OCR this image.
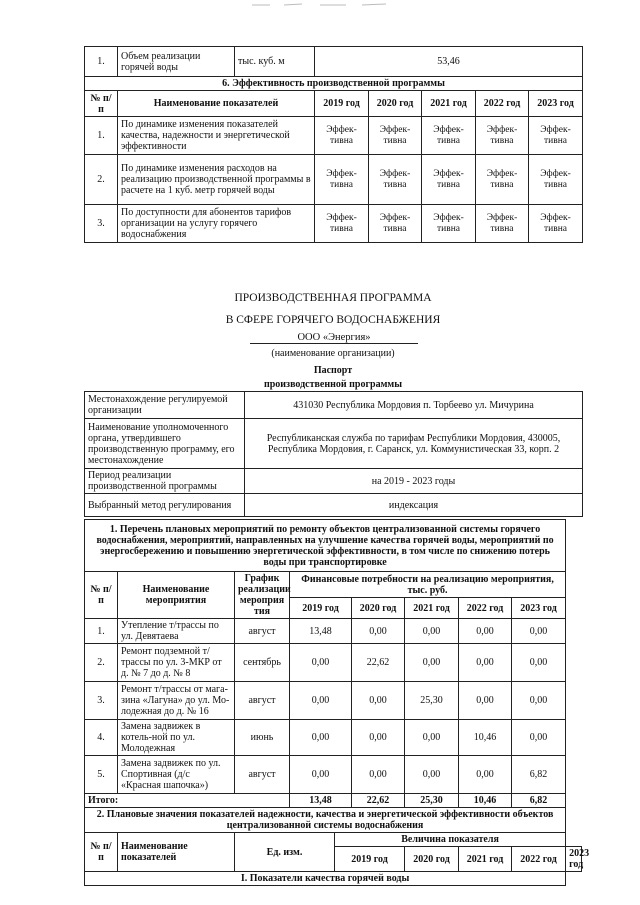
1.	Объем реализации горячей воды	тыс. куб. м	53,46				
6. Эффективность производственной программы							
№ п/п	Наименование показателей		2019 год	2020 год	2021 год	2022 год	2023 год
1.	По динамике изменения показателей качества, надежности и энергетической эффективности		Эффек-тивна	Эффек-тивна	Эффек-тивна	Эффек-тивна	Эффек-тивна

2.	По динамике изменения расходов на реализацию производственной программы в расчете на 1 куб. метр горячей воды		Эффек-тивна	Эффек-тивна	Эффек-тивна	Эффек-тивна	Эффек-тивна

3.	По доступности для абонентов тарифов организации на услугу горячего водоснабжения		Эффек-тивна	Эффек-тивна	Эффек-тивна	Эффек-тивна	Эффек-тивна
ПРОИЗВОДСТВЕННАЯ ПРОГРАММА
В СФЕРЕ ГОРЯЧЕГО ВОДОСНАБЖЕНИЯ
ООО «Энергия»
(наименование организации)
Паспорт
производственной программы
Местонахождение регулируемой организации	431030 Республика Мордовия п. Торбеево ул. Мичурина
Наименование уполномоченного органа, утвердившего производственную программу, его местонахождение	Республиканская служба по тарифам Республики Мордовия, 430005, Республика Мордовия, г. Саранск, ул. Коммунистическая 33, корп. 2
Период реализации производственной программы	на 2019 - 2023 годы
Выбранный метод регулирования	индексация
1. Перечень плановых мероприятий по ремонту объектов централизованной системы горячего водоснабжения, мероприятий, направленных на улучшение качества горячей воды, мероприятий по энергосбережению и повышению энергетической эффективности, в том числе по снижению потерь воды при транспортировке									
№ п/п	Наименование мероприятия	График реализации мероприя тия	Финансовые потребности на реализацию мероприятия, тыс. руб.						
			2019 год		2020 год	2021 год	2022 год	2023 год	
1.	Утепление т/трассы по ул. Девятаева	август	13,48		0,00	0,00	0,00	0,00	
2.	Ремонт подземной т/трассы по ул. 3-МКР от д. № 7 до д. № 8	сентябрь	0,00		22,62	0,00	0,00	0,00	
3.	Ремонт т/трассы от мага-зина «Лагуна» до ул. Мо-лодежная до д. № 16	август	0,00		0,00	25,30	0,00	0,00	
4.	Замена задвижек в котель-ной по ул. Молодежная	июнь	0,00		0,00	0,00	10,46	0,00	
5.	Замена задвижек по ул. Спортивная (д/с «Красная шапочка»)	август	0,00		0,00	0,00	0,00	6,82	
Итого:			13,48		22,62	25,30	10,46	6,82	
2. Плановые значения показателей надежности, качества и энергетической эффективности объектов централизованной системы водоснабжения									
№ п/п	Наименование показателей	Ед. изм.		Величина показателя					
				2019 год		2020 год	2021 год	2022 год	2023 год
I. Показатели качества горячей воды									
